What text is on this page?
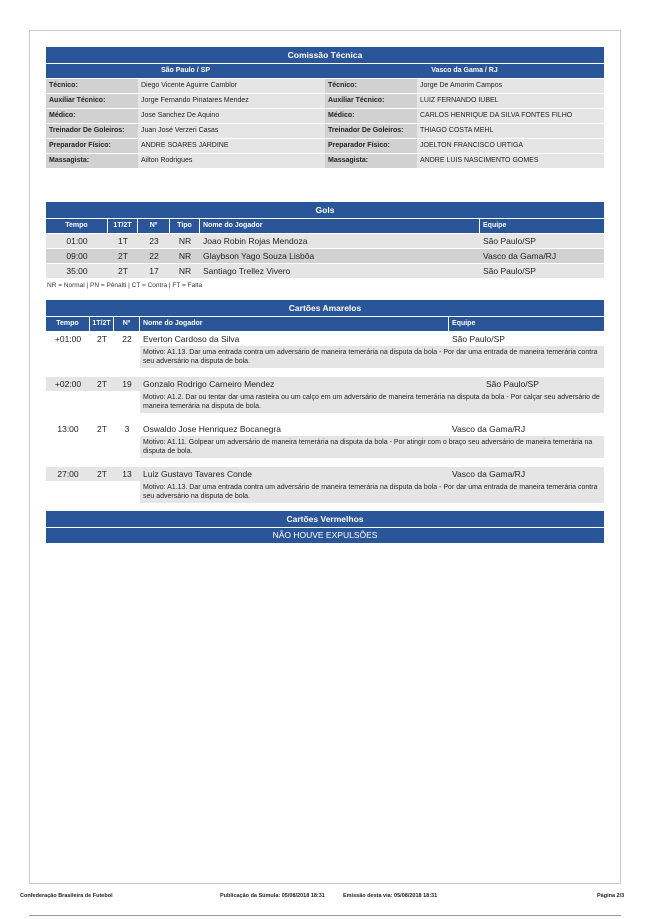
Comissão Técnica
São Paulo / SP	Vasco da Gama / RJ
Técnico:	Diego Vicente Aguirre Camblor	Técnico:	Jorge De Amorim Campos
Auxiliar Técnico:	Jorge Fernando Pinatares Mendez	Auxiliar Técnico:	LUIZ FERNANDO IUBEL
Médico:	Jose Sanchez De Aquino	Médico:	CARLOS HENRIQUE DA SILVA FONTES FILHO
Treinador De Goleiros:	Juan José Verzeri Casas	Treinador De Goleiros:	THIAGO COSTA MEHL
Preparador Físico:	ANDRE SOARES JARDINE	Preparador Físico:	JOELTON FRANCISCO URTIGA
Massagista:	Ailton Rodrigues	Massagista:	ANDRE LUIS NASCIMENTO GOMES
Gols
Tempo	1T/2T	Nº	Tipo	Nome do Jogador	Equipe
01:00	1T	23	NR	Joao Robin Rojas Mendoza	São Paulo/SP
09:00	2T	22	NR	Glaybson Yago Souza Lisbôa	Vasco da Gama/RJ
35:00	2T	17	NR	Santiago Trellez Vivero	São Paulo/SP
NR = Normal | PN = Pênalti | CT = Contra | FT = Falta
Cartões Amarelos
Tempo	1T/2T	Nº	Nome do Jogador	Equipe
+01:00	2T	22	Everton Cardoso da Silva	São Paulo/SP
Motivo: A1.13. Dar uma entrada contra um adversário de maneira temerária na disputa da bola - Por dar uma entrada de maneira temerária contra seu adversário na disputa de bola.
+02:00	2T	19	Gonzalo Rodrigo Carneiro Mendez	São Paulo/SP
Motivo: A1.2. Dar ou tentar dar uma rasteira ou um calço em um adversário de maneira temerária na disputa da bola - Por calçar seu adversário de maneira temerária na disputa de bola.
13:00	2T	3	Oswaldo Jose Henriquez Bocanegra	Vasco da Gama/RJ
Motivo: A1.11. Golpear um adversário de maneira temerária na disputa da bola - Por atingir com o braço seu adversário de maneira temerária na disputa de bola.
27:00	2T	13	Luiz Gustavo Tavares Conde	Vasco da Gama/RJ
Motivo: A1.13. Dar uma entrada contra um adversário de maneira temerária na disputa da bola - Por dar uma entrada de maneira temerária contra seu adversário na disputa de bola.
Cartões Vermelhos
NÃO HOUVE EXPULSÕES
Confederação Brasileira de Futebol	Publicação da Súmula: 05/08/2018 18:31	Emissão desta via: 05/08/2018 18:31	Página 2/3
